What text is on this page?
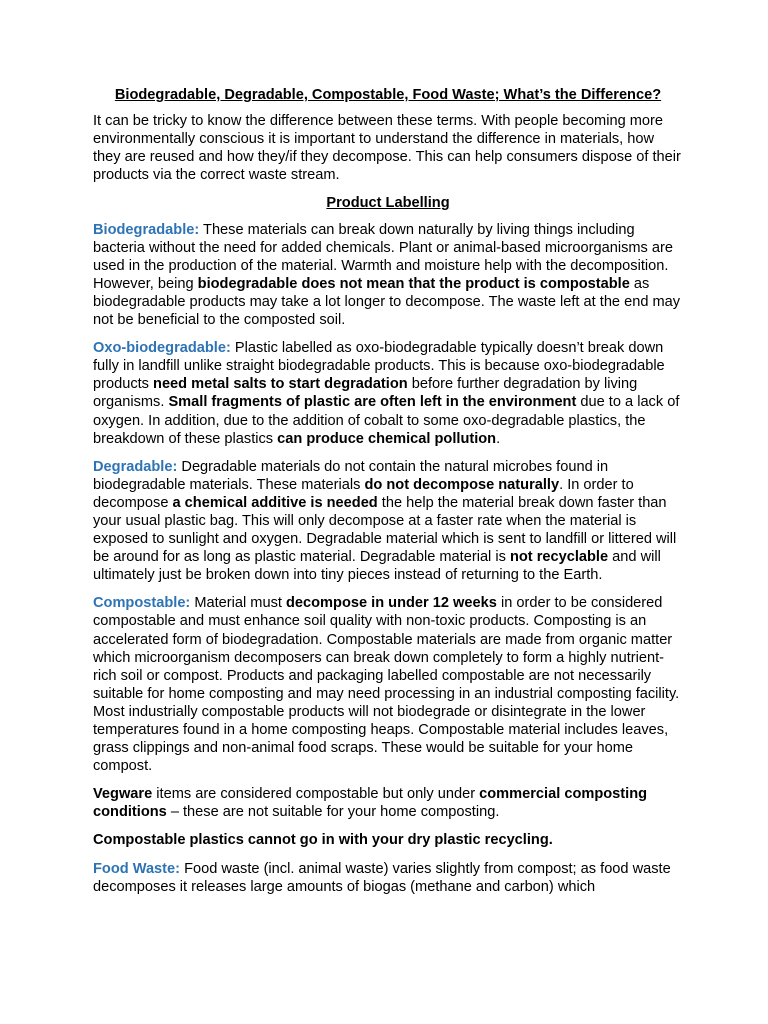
Biodegradable, Degradable, Compostable, Food Waste; What’s the Difference?

It can be tricky to know the difference between these terms. With people becoming more environmentally conscious it is important to understand the difference in materials, how they are reused and how they/if they decompose. This can help consumers dispose of their products via the correct waste stream.

Product Labelling

Biodegradable: These materials can break down naturally by living things including bacteria without the need for added chemicals. Plant or animal-based microorganisms are used in the production of the material. Warmth and moisture help with the decomposition. However, being biodegradable does not mean that the product is compostable as biodegradable products may take a lot longer to decompose. The waste left at the end may not be beneficial to the composted soil.

Oxo-biodegradable: Plastic labelled as oxo-biodegradable typically doesn’t break down fully in landfill unlike straight biodegradable products. This is because oxo-biodegradable products need metal salts to start degradation before further degradation by living organisms. Small fragments of plastic are often left in the environment due to a lack of oxygen. In addition, due to the addition of cobalt to some oxo-degradable plastics, the breakdown of these plastics can produce chemical pollution.

Degradable: Degradable materials do not contain the natural microbes found in biodegradable materials. These materials do not decompose naturally. In order to decompose a chemical additive is needed the help the material break down faster than your usual plastic bag. This will only decompose at a faster rate when the material is exposed to sunlight and oxygen. Degradable material which is sent to landfill or littered will be around for as long as plastic material. Degradable material is not recyclable and will ultimately just be broken down into tiny pieces instead of returning to the Earth.

Compostable: Material must decompose in under 12 weeks in order to be considered compostable and must enhance soil quality with non-toxic products. Composting is an accelerated form of biodegradation. Compostable materials are made from organic matter which microorganism decomposers can break down completely to form a highly nutrient-rich soil or compost. Products and packaging labelled compostable are not necessarily suitable for home composting and may need processing in an industrial composting facility. Most industrially compostable products will not biodegrade or disintegrate in the lower temperatures found in a home composting heaps. Compostable material includes leaves, grass clippings and non-animal food scraps. These would be suitable for your home compost.

Vegware items are considered compostable but only under commercial composting conditions – these are not suitable for your home composting.

Compostable plastics cannot go in with your dry plastic recycling.

Food Waste: Food waste (incl. animal waste) varies slightly from compost; as food waste decomposes it releases large amounts of biogas (methane and carbon) which
